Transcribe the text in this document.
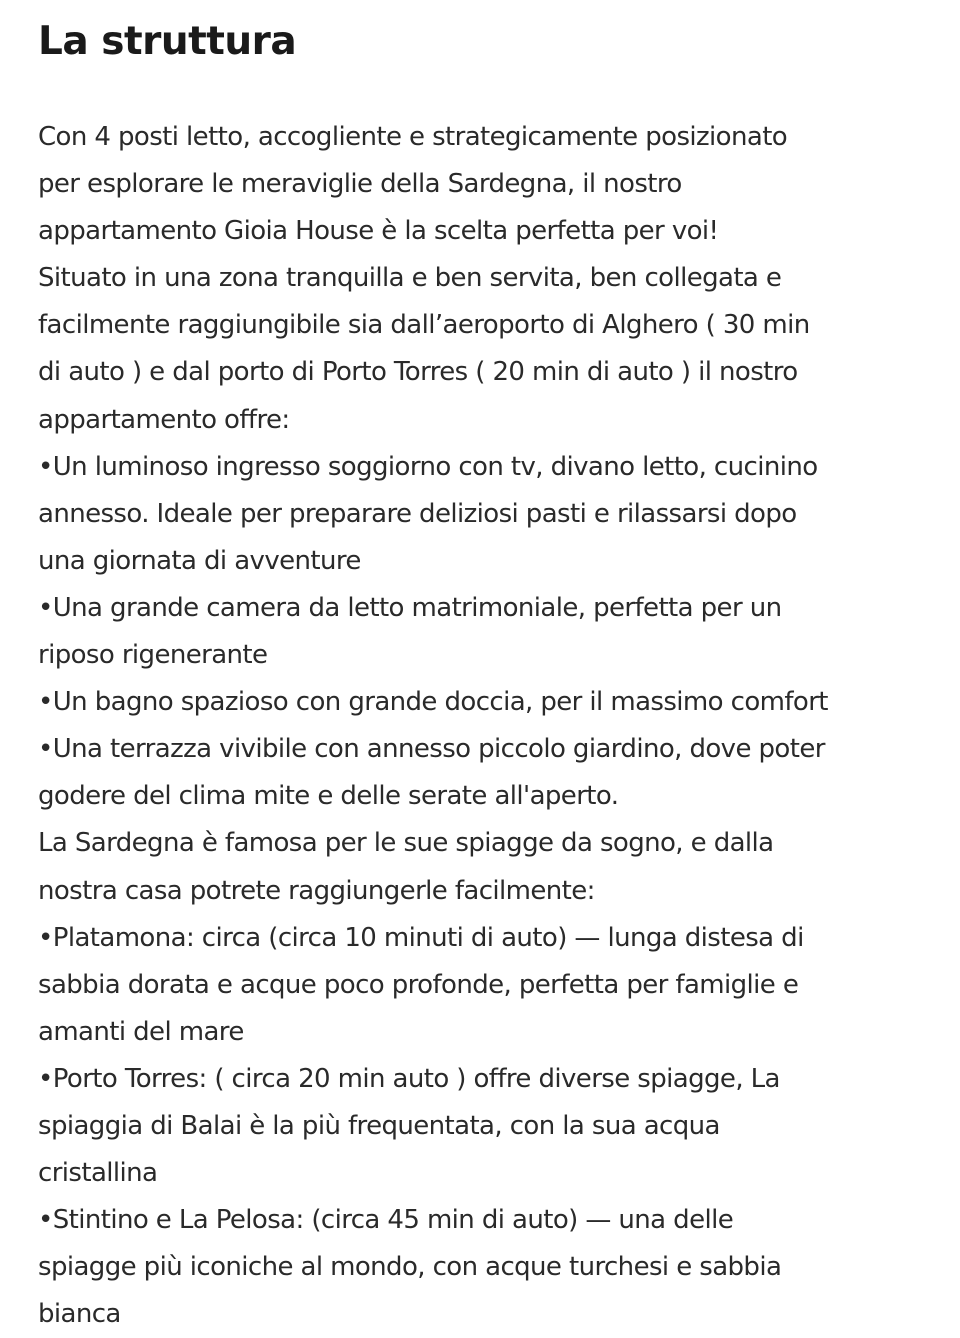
La struttura
Con 4 posti letto, accogliente e strategicamente posizionato
per esplorare le meraviglie della Sardegna, il nostro
appartamento Gioia House è la scelta perfetta per voi!
Situato in una zona tranquilla e ben servita, ben collegata e
facilmente raggiungibile sia dall’aeroporto di Alghero ( 30 min
di auto ) e dal porto di Porto Torres ( 20 min di auto ) il nostro
appartamento offre:
•Un luminoso ingresso soggiorno con tv, divano letto, cucinino
annesso. Ideale per preparare deliziosi pasti e rilassarsi dopo
una giornata di avventure
•Una grande camera da letto matrimoniale, perfetta per un
riposo rigenerante
•Un bagno spazioso con grande doccia, per il massimo comfort
•Una terrazza vivibile con annesso piccolo giardino, dove poter
godere del clima mite e delle serate all'aperto.
La Sardegna è famosa per le sue spiagge da sogno, e dalla
nostra casa potrete raggiungerle facilmente:
•Platamona: circa (circa 10 minuti di auto) — lunga distesa di
sabbia dorata e acque poco profonde, perfetta per famiglie e
amanti del mare
•Porto Torres: ( circa 20 min auto ) offre diverse spiagge, La
spiaggia di Balai è la più frequentata, con la sua acqua
cristallina
•Stintino e La Pelosa: (circa 45 min di auto) — una delle
spiagge più iconiche al mondo, con acque turchesi e sabbia
bianca
